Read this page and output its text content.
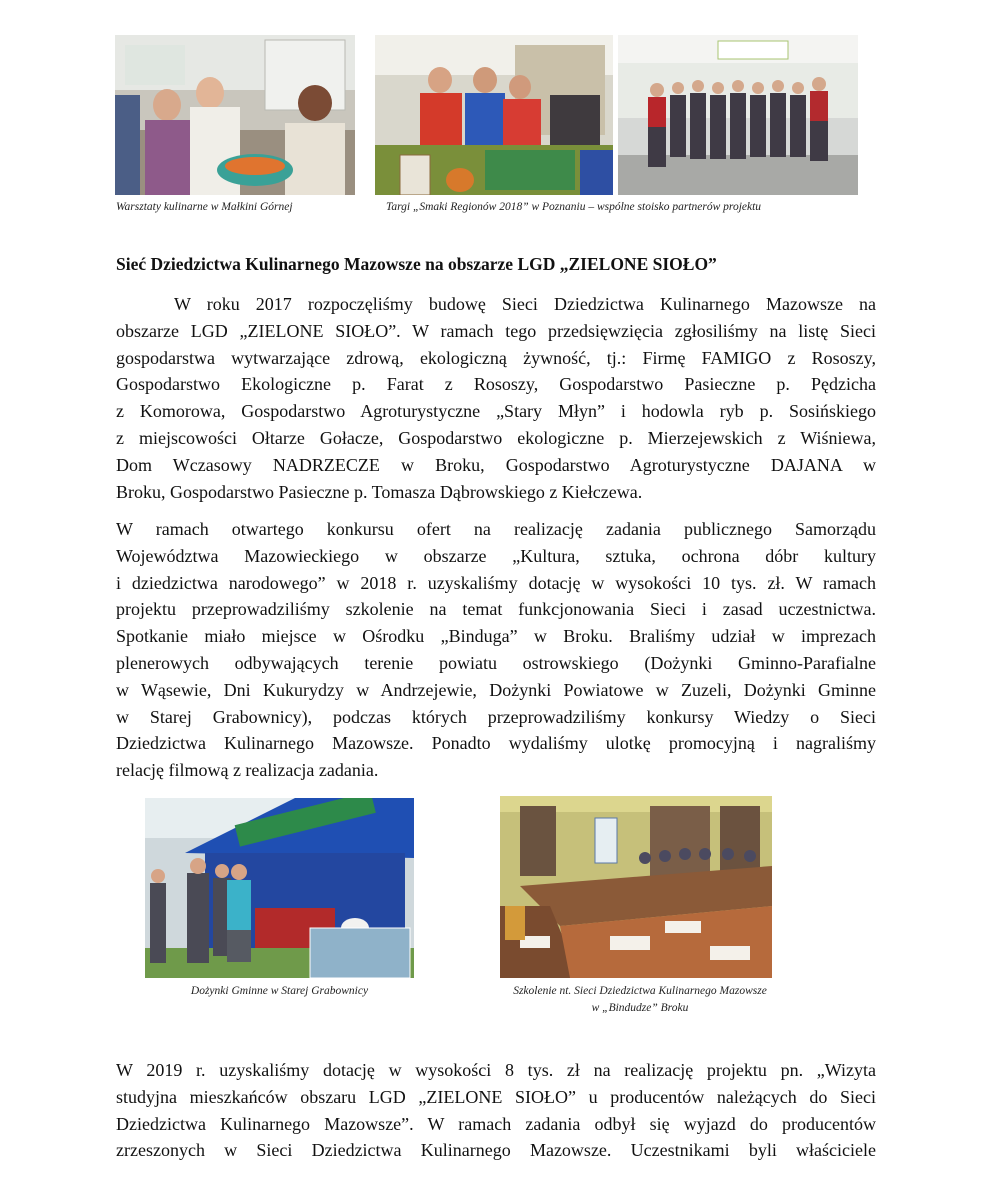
Warsztaty kulinarne w Małkini Górnej	Targi „Smaki Regionów 2018” w Poznaniu – wspólne stoisko partnerów projektu
Sieć Dziedzictwa Kulinarnego Mazowsze na obszarze LGD „ZIELONE SIOŁO”
W roku 2017 rozpoczęliśmy budowę Sieci Dziedzictwa Kulinarnego Mazowsze na
obszarze LGD „ZIELONE SIOŁO”. W ramach tego przedsięwzięcia zgłosiliśmy na listę Sieci
gospodarstwa wytwarzające zdrową, ekologiczną żywność, tj.: Firmę FAMIGO z Rososzy,
Gospodarstwo Ekologiczne p. Farat z Rososzy, Gospodarstwo Pasieczne p. Pędzicha
z Komorowa, Gospodarstwo Agroturystyczne „Stary Młyn” i hodowla ryb p. Sosińskiego
z miejscowości Ołtarze Gołacze, Gospodarstwo ekologiczne p. Mierzejewskich z Wiśniewa,
Dom Wczasowy NADRZECZE w Broku, Gospodarstwo Agroturystyczne DAJANA w
Broku, Gospodarstwo Pasieczne p. Tomasza Dąbrowskiego z Kiełczewa.
W ramach otwartego konkursu ofert na realizację zadania publicznego Samorządu
Województwa Mazowieckiego w obszarze „Kultura, sztuka, ochrona dóbr kultury
i dziedzictwa narodowego” w 2018 r. uzyskaliśmy dotację w wysokości 10 tys. zł. W ramach
projektu przeprowadziliśmy szkolenie na temat funkcjonowania Sieci i zasad uczestnictwa.
Spotkanie miało miejsce w Ośrodku „Binduga” w Broku. Braliśmy udział w imprezach
plenerowych odbywających terenie powiatu ostrowskiego (Dożynki Gminno-Parafialne
w Wąsewie, Dni Kukurydzy w Andrzejewie, Dożynki Powiatowe w Zuzeli, Dożynki Gminne
w Starej Grabownicy), podczas których przeprowadziliśmy konkursy Wiedzy o Sieci
Dziedzictwa Kulinarnego Mazowsze. Ponadto wydaliśmy ulotkę promocyjną i nagraliśmy
relację filmową z realizacja zadania.
Dożynki Gminne w Starej Grabownicy	Szkolenie nt. Sieci Dziedzictwa Kulinarnego Mazowsze
w „Bindudze” Broku
W 2019 r. uzyskaliśmy dotację w wysokości 8 tys. zł na realizację projektu pn. „Wizyta
studyjna mieszkańców obszaru LGD „ZIELONE SIOŁO” u producentów należących do Sieci
Dziedzictwa Kulinarnego Mazowsze”. W ramach zadania odbył się wyjazd do producentów
zrzeszonych w Sieci Dziedzictwa Kulinarnego Mazowsze. Uczestnikami byli właściciele
